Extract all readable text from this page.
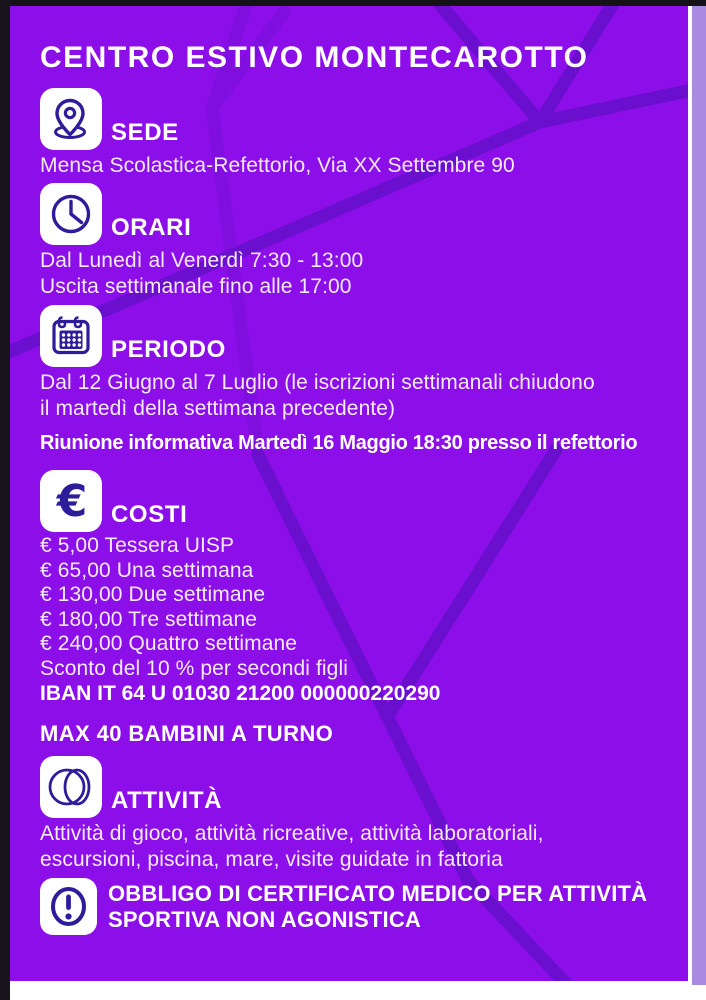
CENTRO ESTIVO MONTECAROTTO
SEDE

Mensa Scolastica-Refettorio, Via XX Settembre 90

ORARI

Dal Lunedì al Venerdì 7:30 - 13:00

Uscita settimanale fino alle 17:00

PERIODO

Dal 12 Giugno al 7 Luglio (le iscrizioni settimanali chiudono

il martedì della settimana precedente)

Riunione informativa Martedì 16 Maggio 18:30 presso il refettorio

€ COSTI

€ 5,00 Tessera UISP

€ 65,00 Una settimana

€ 130,00 Due settimane

€ 180,00 Tre settimane

€ 240,00 Quattro settimane

Sconto del 10 % per secondi figli

IBAN IT 64 U 01030 21200 000000220290

MAX 40 BAMBINI A TURNO

ATTIVITÀ

Attività di gioco, attività ricreative, attività laboratoriali,

escursioni, piscina, mare, visite guidate in fattoria

OBBLIGO DI CERTIFICATO MEDICO PER ATTIVITÀ

SPORTIVA NON AGONISTICA
